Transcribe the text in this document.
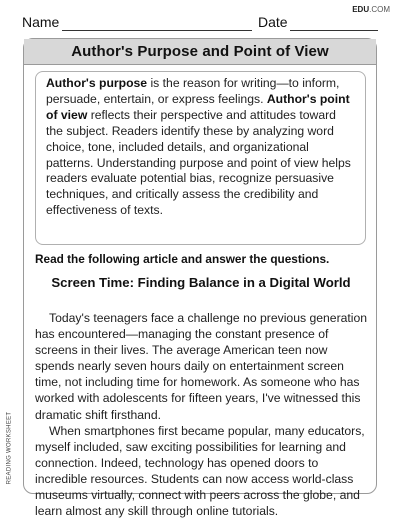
EDU.COM
Name	Date
Author's Purpose and Point of View
Author's purpose is the reason for writing—to inform, persuade, entertain, or express feelings. Author's point of view reflects their perspective and attitudes toward the subject. Readers identify these by analyzing word choice, tone, included details, and organizational patterns. Understanding purpose and point of view helps readers evaluate potential bias, recognize persuasive techniques, and critically assess the credibility and effectiveness of texts.
Read the following article and answer the questions.
Screen Time: Finding Balance in a Digital World

Today's teenagers face a challenge no previous generation has encountered—managing the constant presence of screens in their lives. The average American teen now spends nearly seven hours daily on entertainment screen time, not including time for homework. As someone who has worked with adolescents for fifteen years, I've witnessed this dramatic shift firsthand.

When smartphones first became popular, many educators, myself included, saw exciting possibilities for learning and connection. Indeed, technology has opened doors to incredible resources. Students can now access world-class museums virtually, connect with peers across the globe, and learn almost any skill through online tutorials.

READING WORKSHEET
